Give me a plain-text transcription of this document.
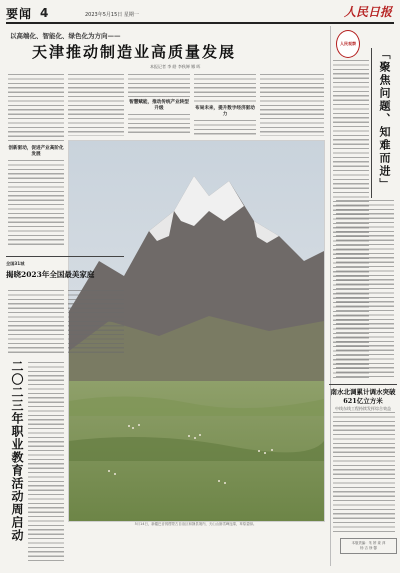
要闻 4	2023年5月15日 星期一	人民日报
以高端化、智能化、绿色化为方向——
天津推动制造业高质量发展
本报记者 李 皓 李秋婵 娜 晖
创新驱动，促进产业高阶化发展
智慧赋能，推动传统产业转型升级	布局未来，提升数字经济驱动力
5月14日，新疆巴音郭楞蒙古自治区和静县境内，天山山脉雪峰连绵，草原碧绿。
全国31城
揭晓2023年全国最美家庭
二〇二三年职业教育活动周启动
人民观察
「聚焦问题、知难而进」
南水北调累计调水突破621亿立方米
中线东线工程持续发挥综合效益
本版责编：朱 婷 姜 萍
杨 吉 徐 馨
